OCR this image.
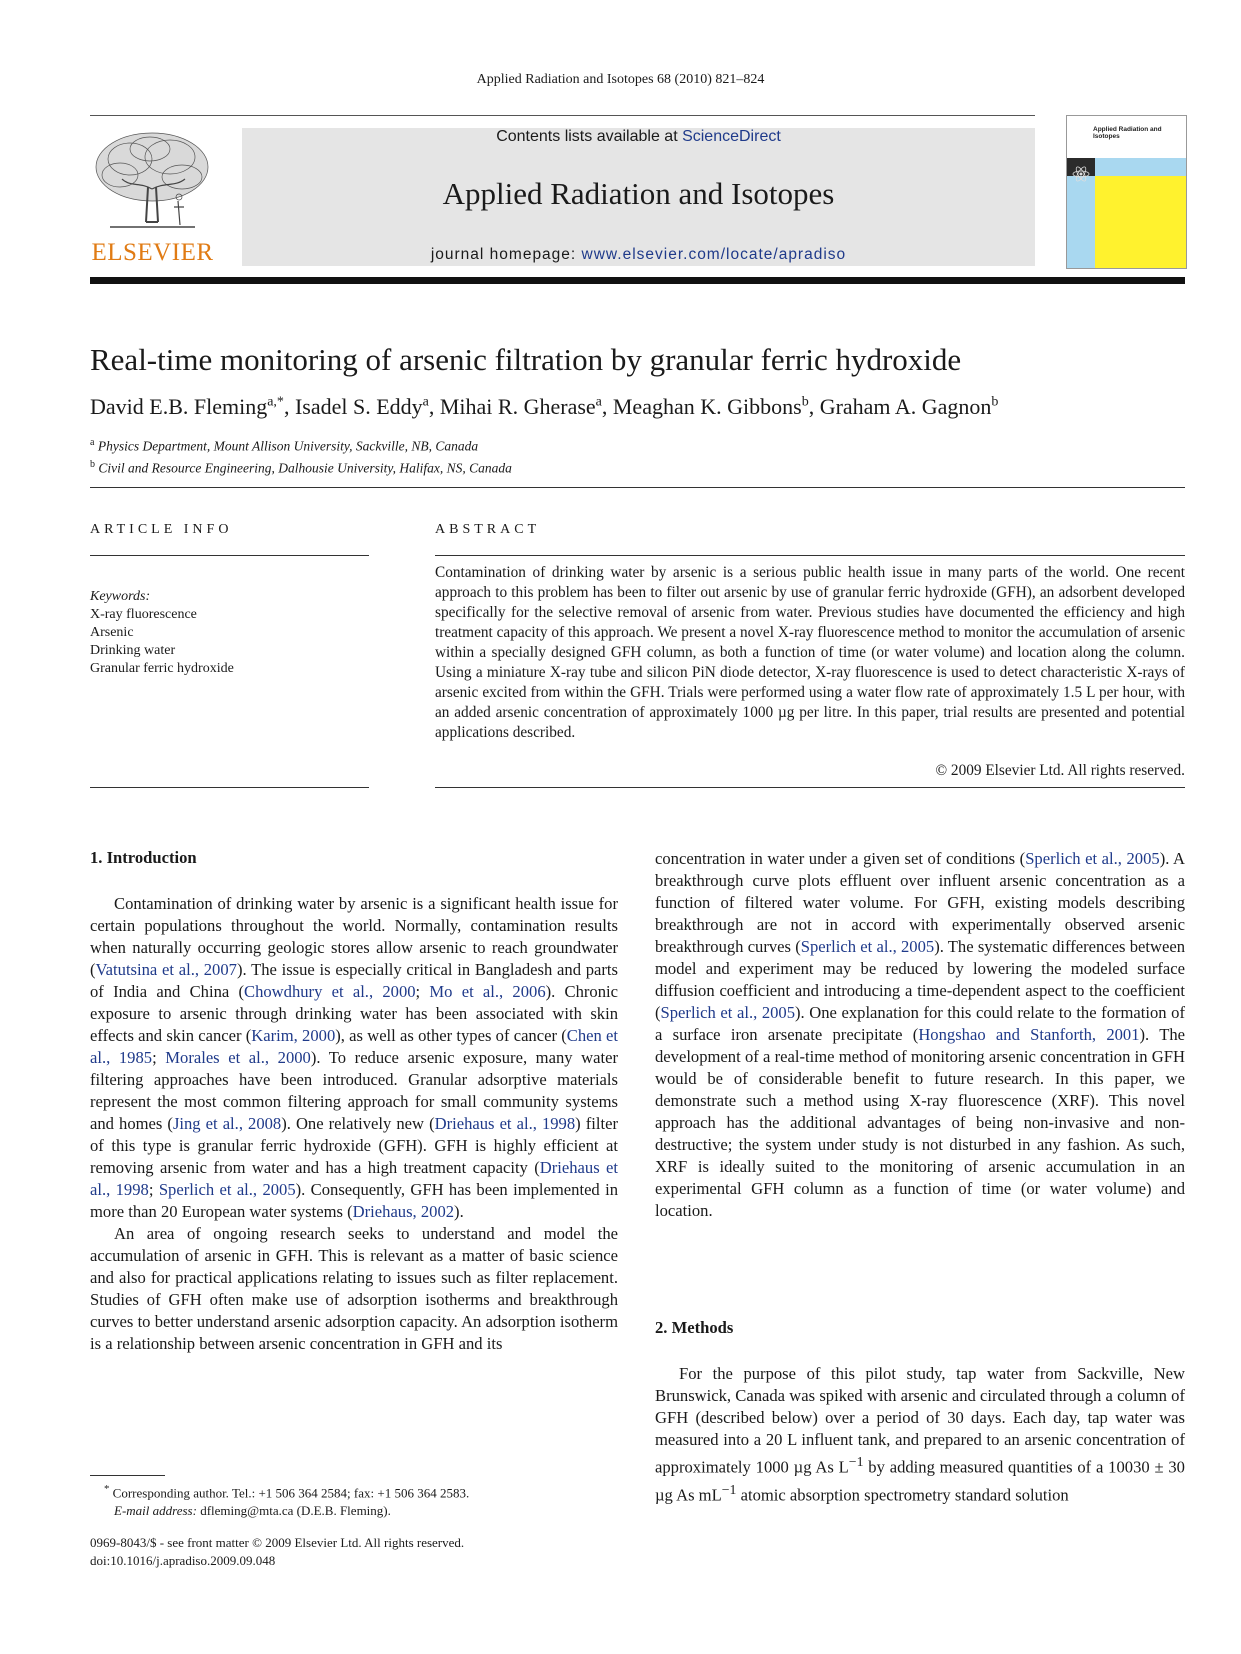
Applied Radiation and Isotopes 68 (2010) 821–824
ELSEVIER
Contents lists available at ScienceDirect
Applied Radiation and Isotopes
journal homepage: www.elsevier.com/locate/apradiso
Applied Radiation and Isotopes
Real-time monitoring of arsenic filtration by granular ferric hydroxide
David E.B. Fleming$^{a,*}$, Isadel S. Eddy$^a$, Mihai R. Gherase$^a$, Meaghan K. Gibbons$^b$, Graham A. Gagnon$^b$
$^a$ Physics Department, Mount Allison University, Sackville, NB, Canada
$^b$ Civil and Resource Engineering, Dalhousie University, Halifax, NS, Canada
ARTICLE INFO	ABSTRACT
Keywords:
X-ray fluorescence
Arsenic
Drinking water
Granular ferric hydroxide
Contamination of drinking water by arsenic is a serious public health issue in many parts of the world. One recent approach to this problem has been to filter out arsenic by use of granular ferric hydroxide (GFH), an adsorbent developed specifically for the selective removal of arsenic from water. Previous studies have documented the efficiency and high treatment capacity of this approach. We present a novel X-ray fluorescence method to monitor the accumulation of arsenic within a specially designed GFH column, as both a function of time (or water volume) and location along the column. Using a miniature X-ray tube and silicon PiN diode detector, X-ray fluorescence is used to detect characteristic X-rays of arsenic excited from within the GFH. Trials were performed using a water flow rate of approximately 1.5 L per hour, with an added arsenic concentration of approximately 1000 µg per litre. In this paper, trial results are presented and potential applications described.
© 2009 Elsevier Ltd. All rights reserved.
1. Introduction

Contamination of drinking water by arsenic is a significant health issue for certain populations throughout the world. Normally, contamination results when naturally occurring geologic stores allow arsenic to reach groundwater (Vatutsina et al., 2007). The issue is especially critical in Bangladesh and parts of India and China (Chowdhury et al., 2000; Mo et al., 2006). Chronic exposure to arsenic through drinking water has been associated with skin effects and skin cancer (Karim, 2000), as well as other types of cancer (Chen et al., 1985; Morales et al., 2000). To reduce arsenic exposure, many water filtering approaches have been introduced. Granular adsorptive materials represent the most common filtering approach for small community systems and homes (Jing et al., 2008). One relatively new (Driehaus et al., 1998) filter of this type is granular ferric hydroxide (GFH). GFH is highly efficient at removing arsenic from water and has a high treatment capacity (Driehaus et al., 1998; Sperlich et al., 2005). Consequently, GFH has been implemented in more than 20 European water systems (Driehaus, 2002).

An area of ongoing research seeks to understand and model the accumulation of arsenic in GFH. This is relevant as a matter of basic science and also for practical applications relating to issues such as filter replacement. Studies of GFH often make use of adsorption isotherms and breakthrough curves to better understand arsenic adsorption capacity. An adsorption isotherm is a relationship between arsenic concentration in GFH and its

concentration in water under a given set of conditions (Sperlich et al., 2005). A breakthrough curve plots effluent over influent arsenic concentration as a function of filtered water volume. For GFH, existing models describing breakthrough are not in accord with experimentally observed arsenic breakthrough curves (Sperlich et al., 2005). The systematic differences between model and experiment may be reduced by lowering the modeled surface diffusion coefficient and introducing a time-dependent aspect to the coefficient (Sperlich et al., 2005). One explanation for this could relate to the formation of a surface iron arsenate precipitate (Hongshao and Stanforth, 2001). The development of a real-time method of monitoring arsenic concentration in GFH would be of considerable benefit to future research. In this paper, we demonstrate such a method using X-ray fluorescence (XRF). This novel approach has the additional advantages of being non-invasive and non-destructive; the system under study is not disturbed in any fashion. As such, XRF is ideally suited to the monitoring of arsenic accumulation in an experimental GFH column as a function of time (or water volume) and location.

2. Methods

For the purpose of this pilot study, tap water from Sackville, New Brunswick, Canada was spiked with arsenic and circulated through a column of GFH (described below) over a period of 30 days. Each day, tap water was measured into a 20 L influent tank, and prepared to an arsenic concentration of approximately 1000 µg As $L^{-1}$ by adding measured quantities of a 10030 ± 30 µg As $mL^{-1}$ atomic absorption spectrometry standard solution

* Corresponding author. Tel.: +1 506 364 2584; fax: +1 506 364 2583.
E-mail address: dfleming@mta.ca (D.E.B. Fleming).
0969-8043/$ - see front matter © 2009 Elsevier Ltd. All rights reserved.
doi:10.1016/j.apradiso.2009.09.048
